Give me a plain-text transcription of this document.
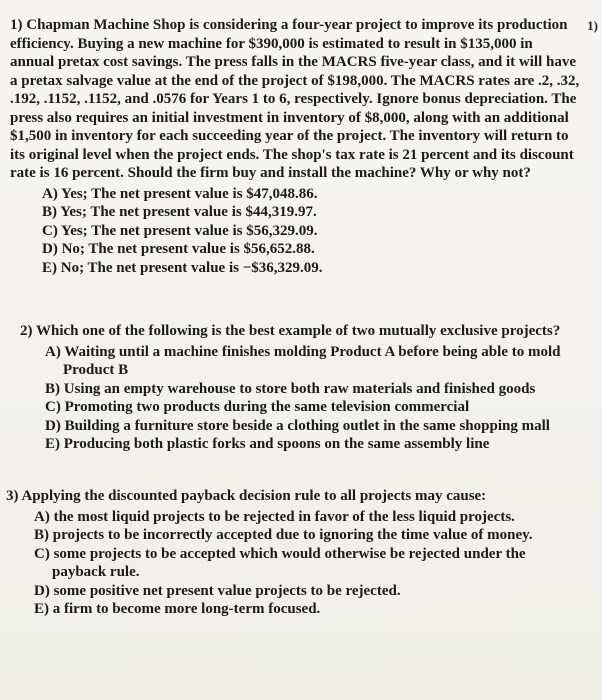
1)
1) Chapman Machine Shop is considering a four-year project to improve its production efficiency. Buying a new machine for $390,000 is estimated to result in $135,000 in annual pretax cost savings. The press falls in the MACRS five-year class, and it will have a pretax salvage value at the end of the project of $198,000. The MACRS rates are .2, .32, .192, .1152, .1152, and .0576 for Years 1 to 6, respectively. Ignore bonus depreciation. The press also requires an initial investment in inventory of $8,000, along with an additional $1,500 in inventory for each succeeding year of the project. The inventory will return to its original level when the project ends. The shop's tax rate is 21 percent and its discount rate is 16 percent. Should the firm buy and install the machine? Why or why not?
A) Yes; The net present value is $47,048.86.
B) Yes; The net present value is $44,319.97.
C) Yes; The net present value is $56,329.09.
D) No; The net present value is $56,652.88.
E) No; The net present value is −$36,329.09.
2) Which one of the following is the best example of two mutually exclusive projects?
A) Waiting until a machine finishes molding Product A before being able to mold
Product B
B) Using an empty warehouse to store both raw materials and finished goods
C) Promoting two products during the same television commercial
D) Building a furniture store beside a clothing outlet in the same shopping mall
E) Producing both plastic forks and spoons on the same assembly line
3) Applying the discounted payback decision rule to all projects may cause:
A) the most liquid projects to be rejected in favor of the less liquid projects.
B) projects to be incorrectly accepted due to ignoring the time value of money.
C) some projects to be accepted which would otherwise be rejected under the
payback rule.
D) some positive net present value projects to be rejected.
E) a firm to become more long-term focused.
